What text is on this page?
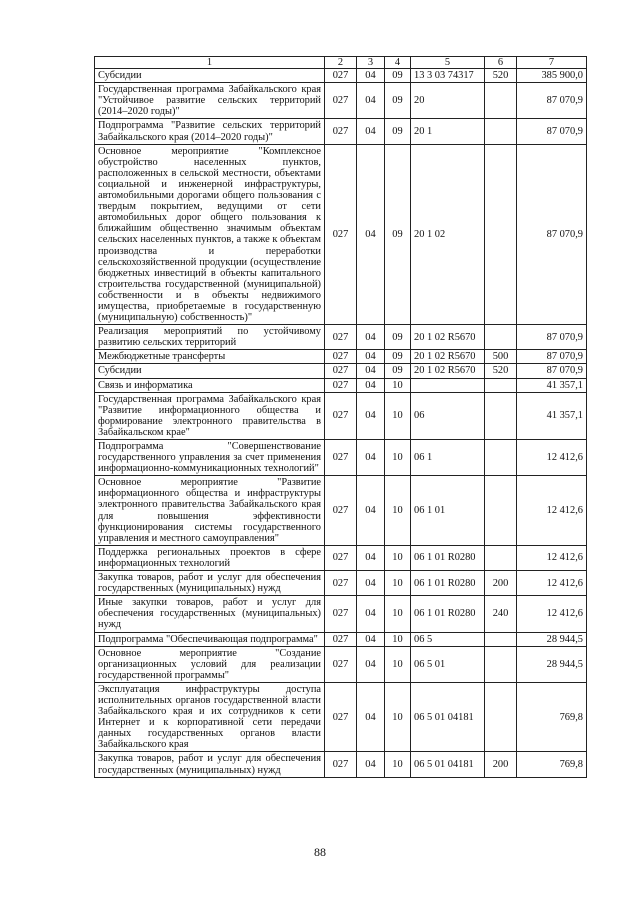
1	2	3	4	5	6	7
Субсидии	027	04	09	13 3 03 74317	520	385 900,0
Государственная программа Забайкальского края "Устойчивое развитие сельских территорий (2014–2020 годы)"	027	04	09	20		87 070,9
Подпрограмма "Развитие сельских территорий Забайкальского края (2014–2020 годы)"	027	04	09	20 1		87 070,9
Основное мероприятие "Комплексное обустройство населенных пунктов, расположенных в сельской местности, объектами социальной и инженерной инфраструктуры, автомобильными дорогами общего пользования с твердым покрытием, ведущими от сети автомобильных дорог общего пользования к ближайшим общественно значимым объектам сельских населенных пунктов, а также к объектам производства и переработки сельскохозяйственной продукции (осуществление бюджетных инвестиций в объекты капитального строительства государственной (муниципальной) собственности и в объекты недвижимого имущества, приобретаемые в государственную (муниципальную) собственность)"	027	04	09	20 1 02		87 070,9
Реализация мероприятий по устойчивому развитию сельских территорий	027	04	09	20 1 02 R5670		87 070,9
Межбюджетные трансферты	027	04	09	20 1 02 R5670	500	87 070,9
Субсидии	027	04	09	20 1 02 R5670	520	87 070,9
Связь и информатика	027	04	10			41 357,1
Государственная программа Забайкальского края "Развитие информационного общества и формирование электронного правительства в Забайкальском крае"	027	04	10	06		41 357,1
Подпрограмма "Совершенствование государственного управления за счет применения информационно-коммуникационных технологий"	027	04	10	06 1		12 412,6
Основное мероприятие "Развитие информационного общества и инфраструктуры электронного правительства Забайкальского края для повышения эффективности функционирования системы государственного управления и местного самоуправления"	027	04	10	06 1 01		12 412,6
Поддержка региональных проектов в сфере информационных технологий	027	04	10	06 1 01 R0280		12 412,6
Закупка товаров, работ и услуг для обеспечения государственных (муниципальных) нужд	027	04	10	06 1 01 R0280	200	12 412,6
Иные закупки товаров, работ и услуг для обеспечения государственных (муниципальных) нужд	027	04	10	06 1 01 R0280	240	12 412,6
Подпрограмма "Обеспечивающая подпрограмма"	027	04	10	06 5		28 944,5
Основное мероприятие "Создание организационных условий для реализации государственной программы"	027	04	10	06 5 01		28 944,5
Эксплуатация инфраструктуры доступа исполнительных органов государственной власти Забайкальского края и их сотрудников к сети Интернет и к корпоративной сети передачи данных государственных органов власти Забайкальского края	027	04	10	06 5 01 04181		769,8
Закупка товаров, работ и услуг для обеспечения государственных (муниципальных) нужд	027	04	10	06 5 01 04181	200	769,8
88
